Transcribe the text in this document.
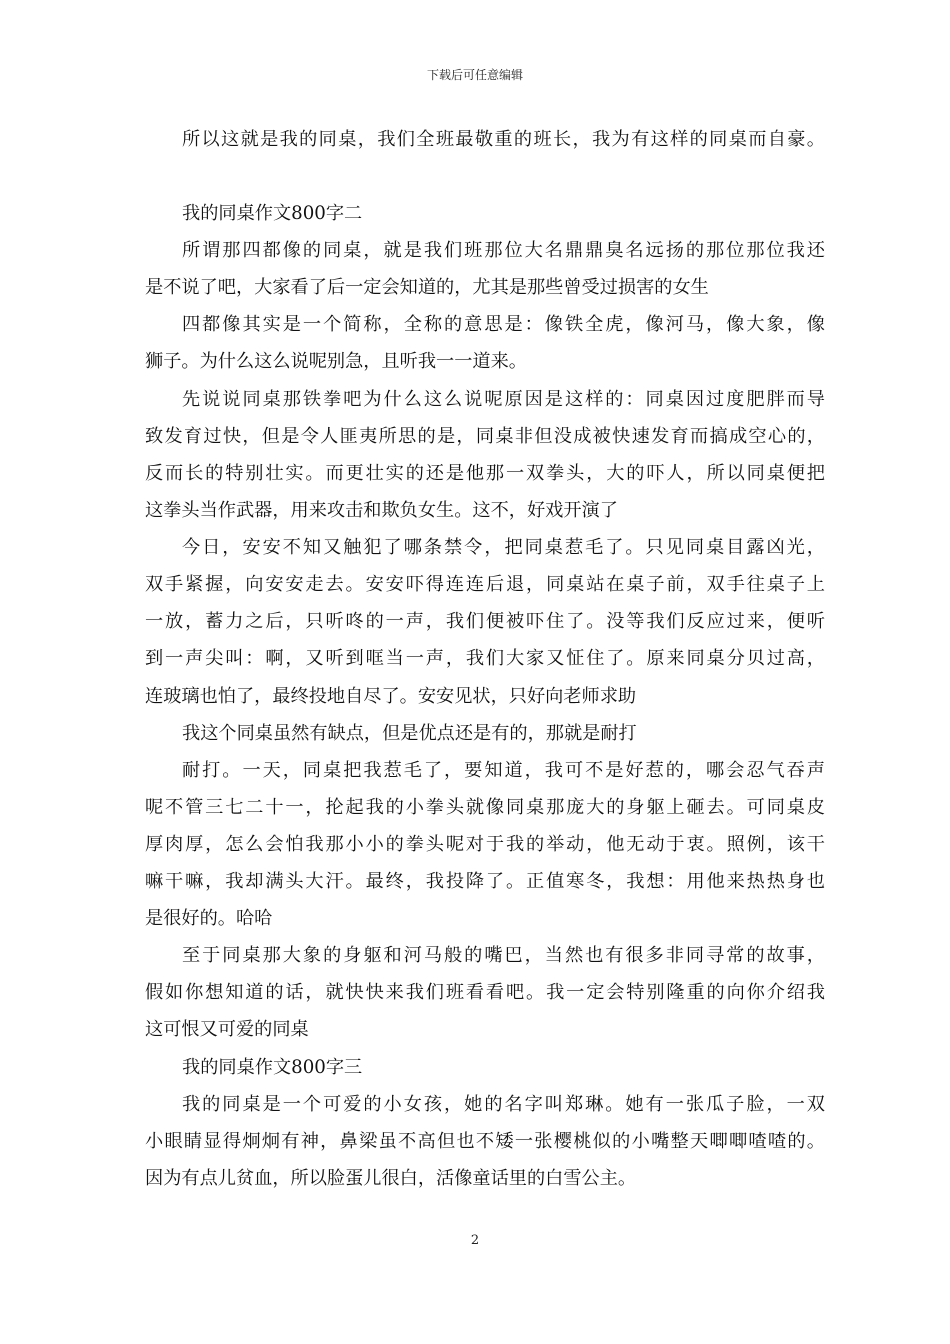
下载后可任意编辑
所以这就是我的同桌，我们全班最敬重的班长，我为有这样的同桌而自豪。
我的同桌作文800字二
所谓那四都像的同桌，就是我们班那位大名鼎鼎臭名远扬的那位那位我还
是不说了吧，大家看了后一定会知道的，尤其是那些曾受过损害的女生
四都像其实是一个简称，全称的意思是：像铁全虎，像河马，像大象，像
狮子。为什么这么说呢别急，且听我一一道来。
先说说同桌那铁拳吧为什么这么说呢原因是这样的：同桌因过度肥胖而导
致发育过快，但是令人匪夷所思的是，同桌非但没成被快速发育而搞成空心的，
反而长的特别壮实。而更壮实的还是他那一双拳头，大的吓人，所以同桌便把
这拳头当作武器，用来攻击和欺负女生。这不，好戏开演了
今日，安安不知又触犯了哪条禁令，把同桌惹毛了。只见同桌目露凶光，
双手紧握，向安安走去。安安吓得连连后退，同桌站在桌子前，双手往桌子上
一放，蓄力之后，只听咚的一声，我们便被吓住了。没等我们反应过来，便听
到一声尖叫：啊，又听到哐当一声，我们大家又怔住了。原来同桌分贝过高，
连玻璃也怕了，最终投地自尽了。安安见状，只好向老师求助
我这个同桌虽然有缺点，但是优点还是有的，那就是耐打
耐打。一天，同桌把我惹毛了，要知道，我可不是好惹的，哪会忍气吞声
呢不管三七二十一，抡起我的小拳头就像同桌那庞大的身躯上砸去。可同桌皮
厚肉厚，怎么会怕我那小小的拳头呢对于我的举动，他无动于衷。照例，该干
嘛干嘛，我却满头大汗。最终，我投降了。正值寒冬，我想：用他来热热身也
是很好的。哈哈
至于同桌那大象的身躯和河马般的嘴巴，当然也有很多非同寻常的故事，
假如你想知道的话，就快快来我们班看看吧。我一定会特别隆重的向你介绍我
这可恨又可爱的同桌
我的同桌作文800字三
我的同桌是一个可爱的小女孩，她的名字叫郑琳。她有一张瓜子脸，一双
小眼睛显得炯炯有神，鼻梁虽不高但也不矮一张樱桃似的小嘴整天唧唧喳喳的。
因为有点儿贫血，所以脸蛋儿很白，活像童话里的白雪公主。
2
